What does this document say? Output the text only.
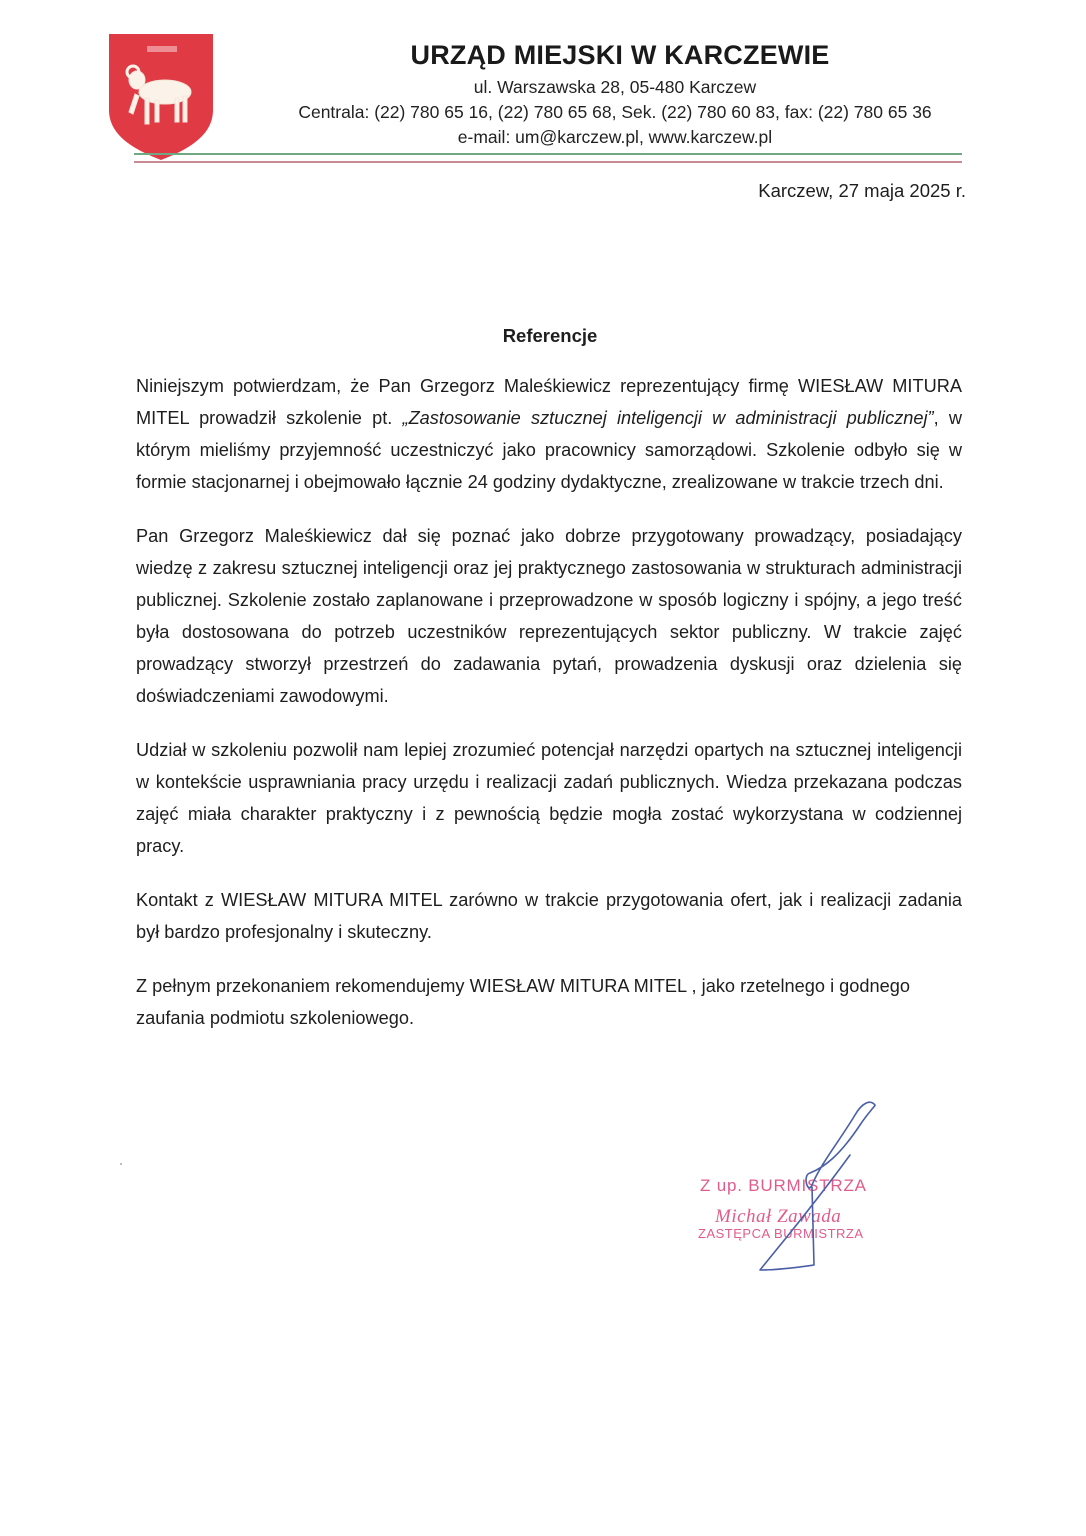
URZĄD MIEJSKI W KARCZEWIE
ul. Warszawska 28, 05-480 Karczew
Centrala: (22) 780 65 16, (22) 780 65 68, Sek. (22) 780 60 83, fax: (22) 780 65 36
e-mail: um@karczew.pl, www.karczew.pl
Karczew, 27 maja 2025 r.
Referencje

Niniejszym potwierdzam, że Pan Grzegorz Maleśkiewicz reprezentujący firmę WIESŁAW MITURA MITEL prowadził szkolenie pt. „Zastosowanie sztucznej inteligencji w administracji publicznej”, w którym mieliśmy przyjemność uczestniczyć jako pracownicy samorządowi. Szkolenie odbyło się w formie stacjonarnej i obejmowało łącznie 24 godziny dydaktyczne, zrealizowane w trakcie trzech dni.

Pan Grzegorz Maleśkiewicz dał się poznać jako dobrze przygotowany prowadzący, posiadający wiedzę z zakresu sztucznej inteligencji oraz jej praktycznego zastosowania w strukturach administracji publicznej. Szkolenie zostało zaplanowane i przeprowadzone w sposób logiczny i spójny, a jego treść była dostosowana do potrzeb uczestników reprezentujących sektor publiczny. W trakcie zajęć prowadzący stworzył przestrzeń do zadawania pytań, prowadzenia dyskusji oraz dzielenia się doświadczeniami zawodowymi.

Udział w szkoleniu pozwolił nam lepiej zrozumieć potencjał narzędzi opartych na sztucznej inteligencji w kontekście usprawniania pracy urzędu i realizacji zadań publicznych. Wiedza przekazana podczas zajęć miała charakter praktyczny i z pewnością będzie mogła zostać wykorzystana w codziennej pracy.

Kontakt z WIESŁAW MITURA MITEL zarówno w trakcie przygotowania ofert, jak i realizacji zadania był bardzo profesjonalny i skuteczny.

Z pełnym przekonaniem rekomendujemy WIESŁAW MITURA MITEL , jako rzetelnego i godnego zaufania podmiotu szkoleniowego.

Z up. BURMISTRZA
Michał Zawada
ZASTĘPCA BURMISTRZA
